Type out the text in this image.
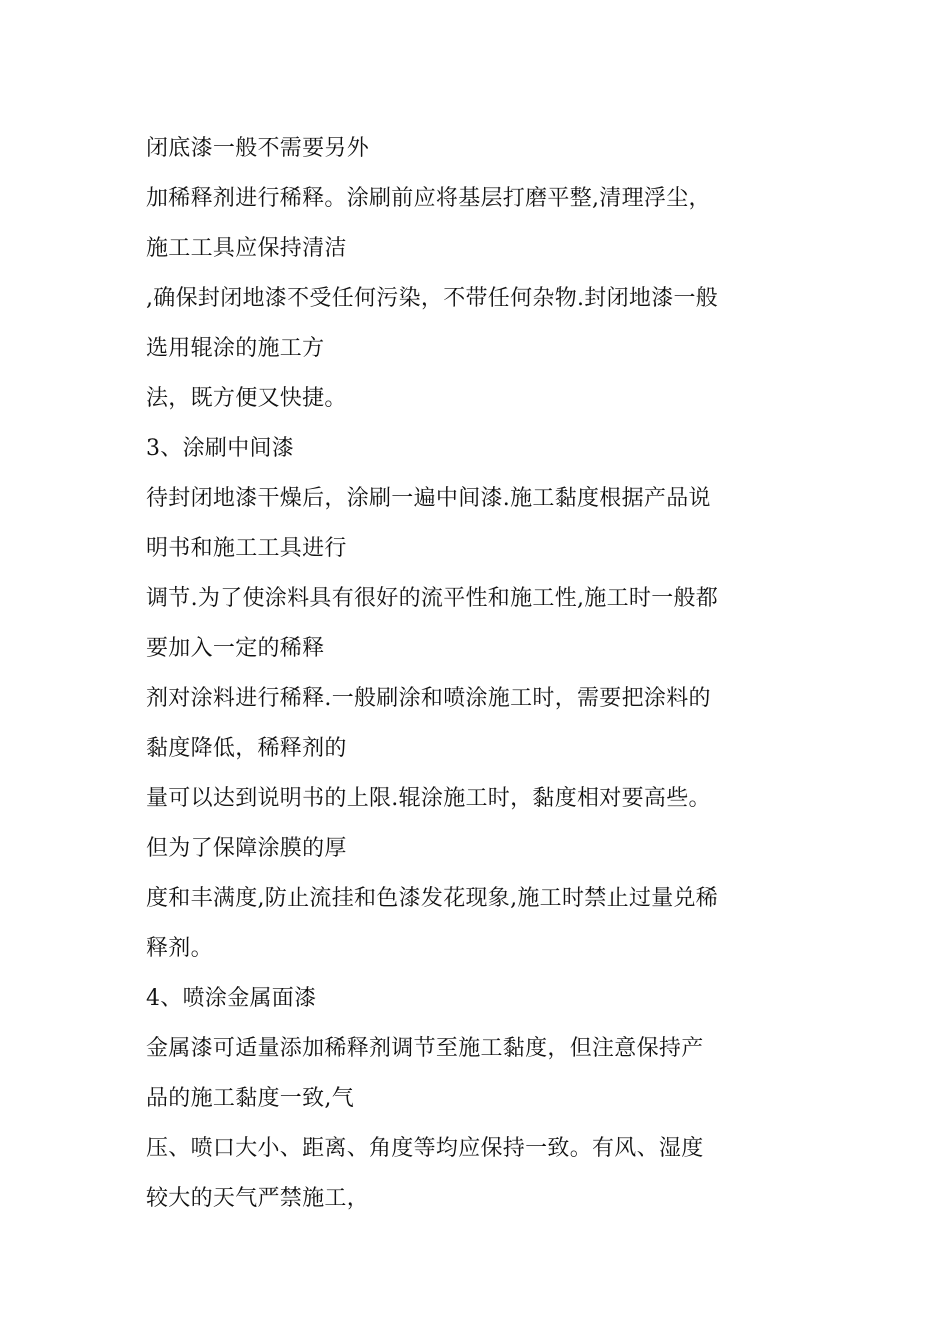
闭底漆一般不需要另外
加稀释剂进行稀释。涂刷前应将基层打磨平整,清理浮尘，
施工工具应保持清洁
,确保封闭地漆不受任何污染，不带任何杂物.封闭地漆一般
选用辊涂的施工方
法，既方便又快捷。
3、涂刷中间漆
待封闭地漆干燥后，涂刷一遍中间漆.施工黏度根据产品说
明书和施工工具进行
调节.为了使涂料具有很好的流平性和施工性,施工时一般都
要加入一定的稀释
剂对涂料进行稀释.一般刷涂和喷涂施工时，需要把涂料的
黏度降低，稀释剂的
量可以达到说明书的上限.辊涂施工时，黏度相对要高些。
但为了保障涂膜的厚
度和丰满度,防止流挂和色漆发花现象,施工时禁止过量兑稀
释剂。
4、喷涂金属面漆
金属漆可适量添加稀释剂调节至施工黏度，但注意保持产
品的施工黏度一致,气
压、喷口大小、距离、角度等均应保持一致。有风、湿度
较大的天气严禁施工，
